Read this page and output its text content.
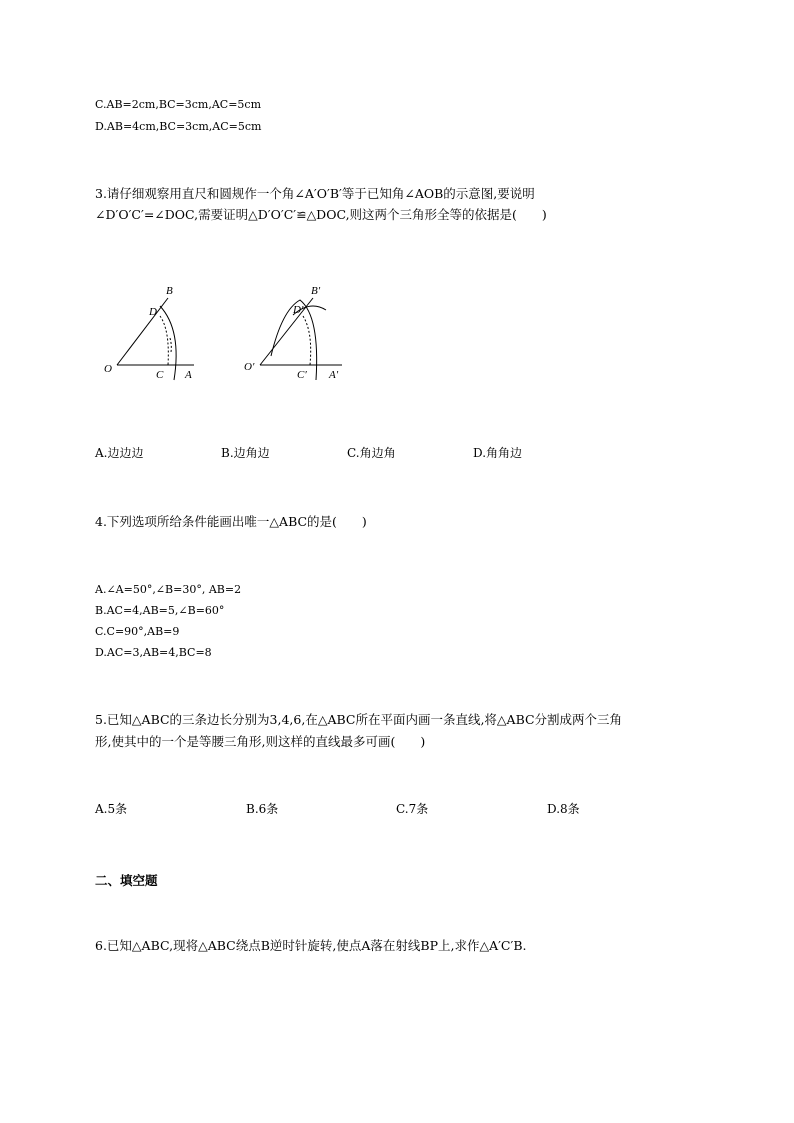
C.AB=2cm,BC=3cm,AC=5cm
D.AB=4cm,BC=3cm,AC=5cm
3.请仔细观察用直尺和圆规作一个角∠A′O′B′等于已知角∠AOB的示意图,要说明
∠D′O′C′=∠DOC,需要证明△D′O′C′≌△DOC,则这两个三角形全等的依据是(　　)
B
D
O	C A
B′
D′
O′
C′ A′
A.边边边	B.边角边	C.角边角	D.角角边
4.下列选项所给条件能画出唯一△ABC的是(　　)
A.∠A=50°,∠B=30°, AB=2
B.AC=4,AB=5,∠B=60°
C.C=90°,AB=9
D.AC=3,AB=4,BC=8
5.已知△ABC的三条边长分别为3,4,6,在△ABC所在平面内画一条直线,将△ABC分割成两个三角
形,使其中的一个是等腰三角形,则这样的直线最多可画(　　)
A.5条	B.6条	C.7条	D.8条
二、填空题
6.已知△ABC,现将△ABC绕点B逆时针旋转,使点A落在射线BP上,求作△A′C′B.
